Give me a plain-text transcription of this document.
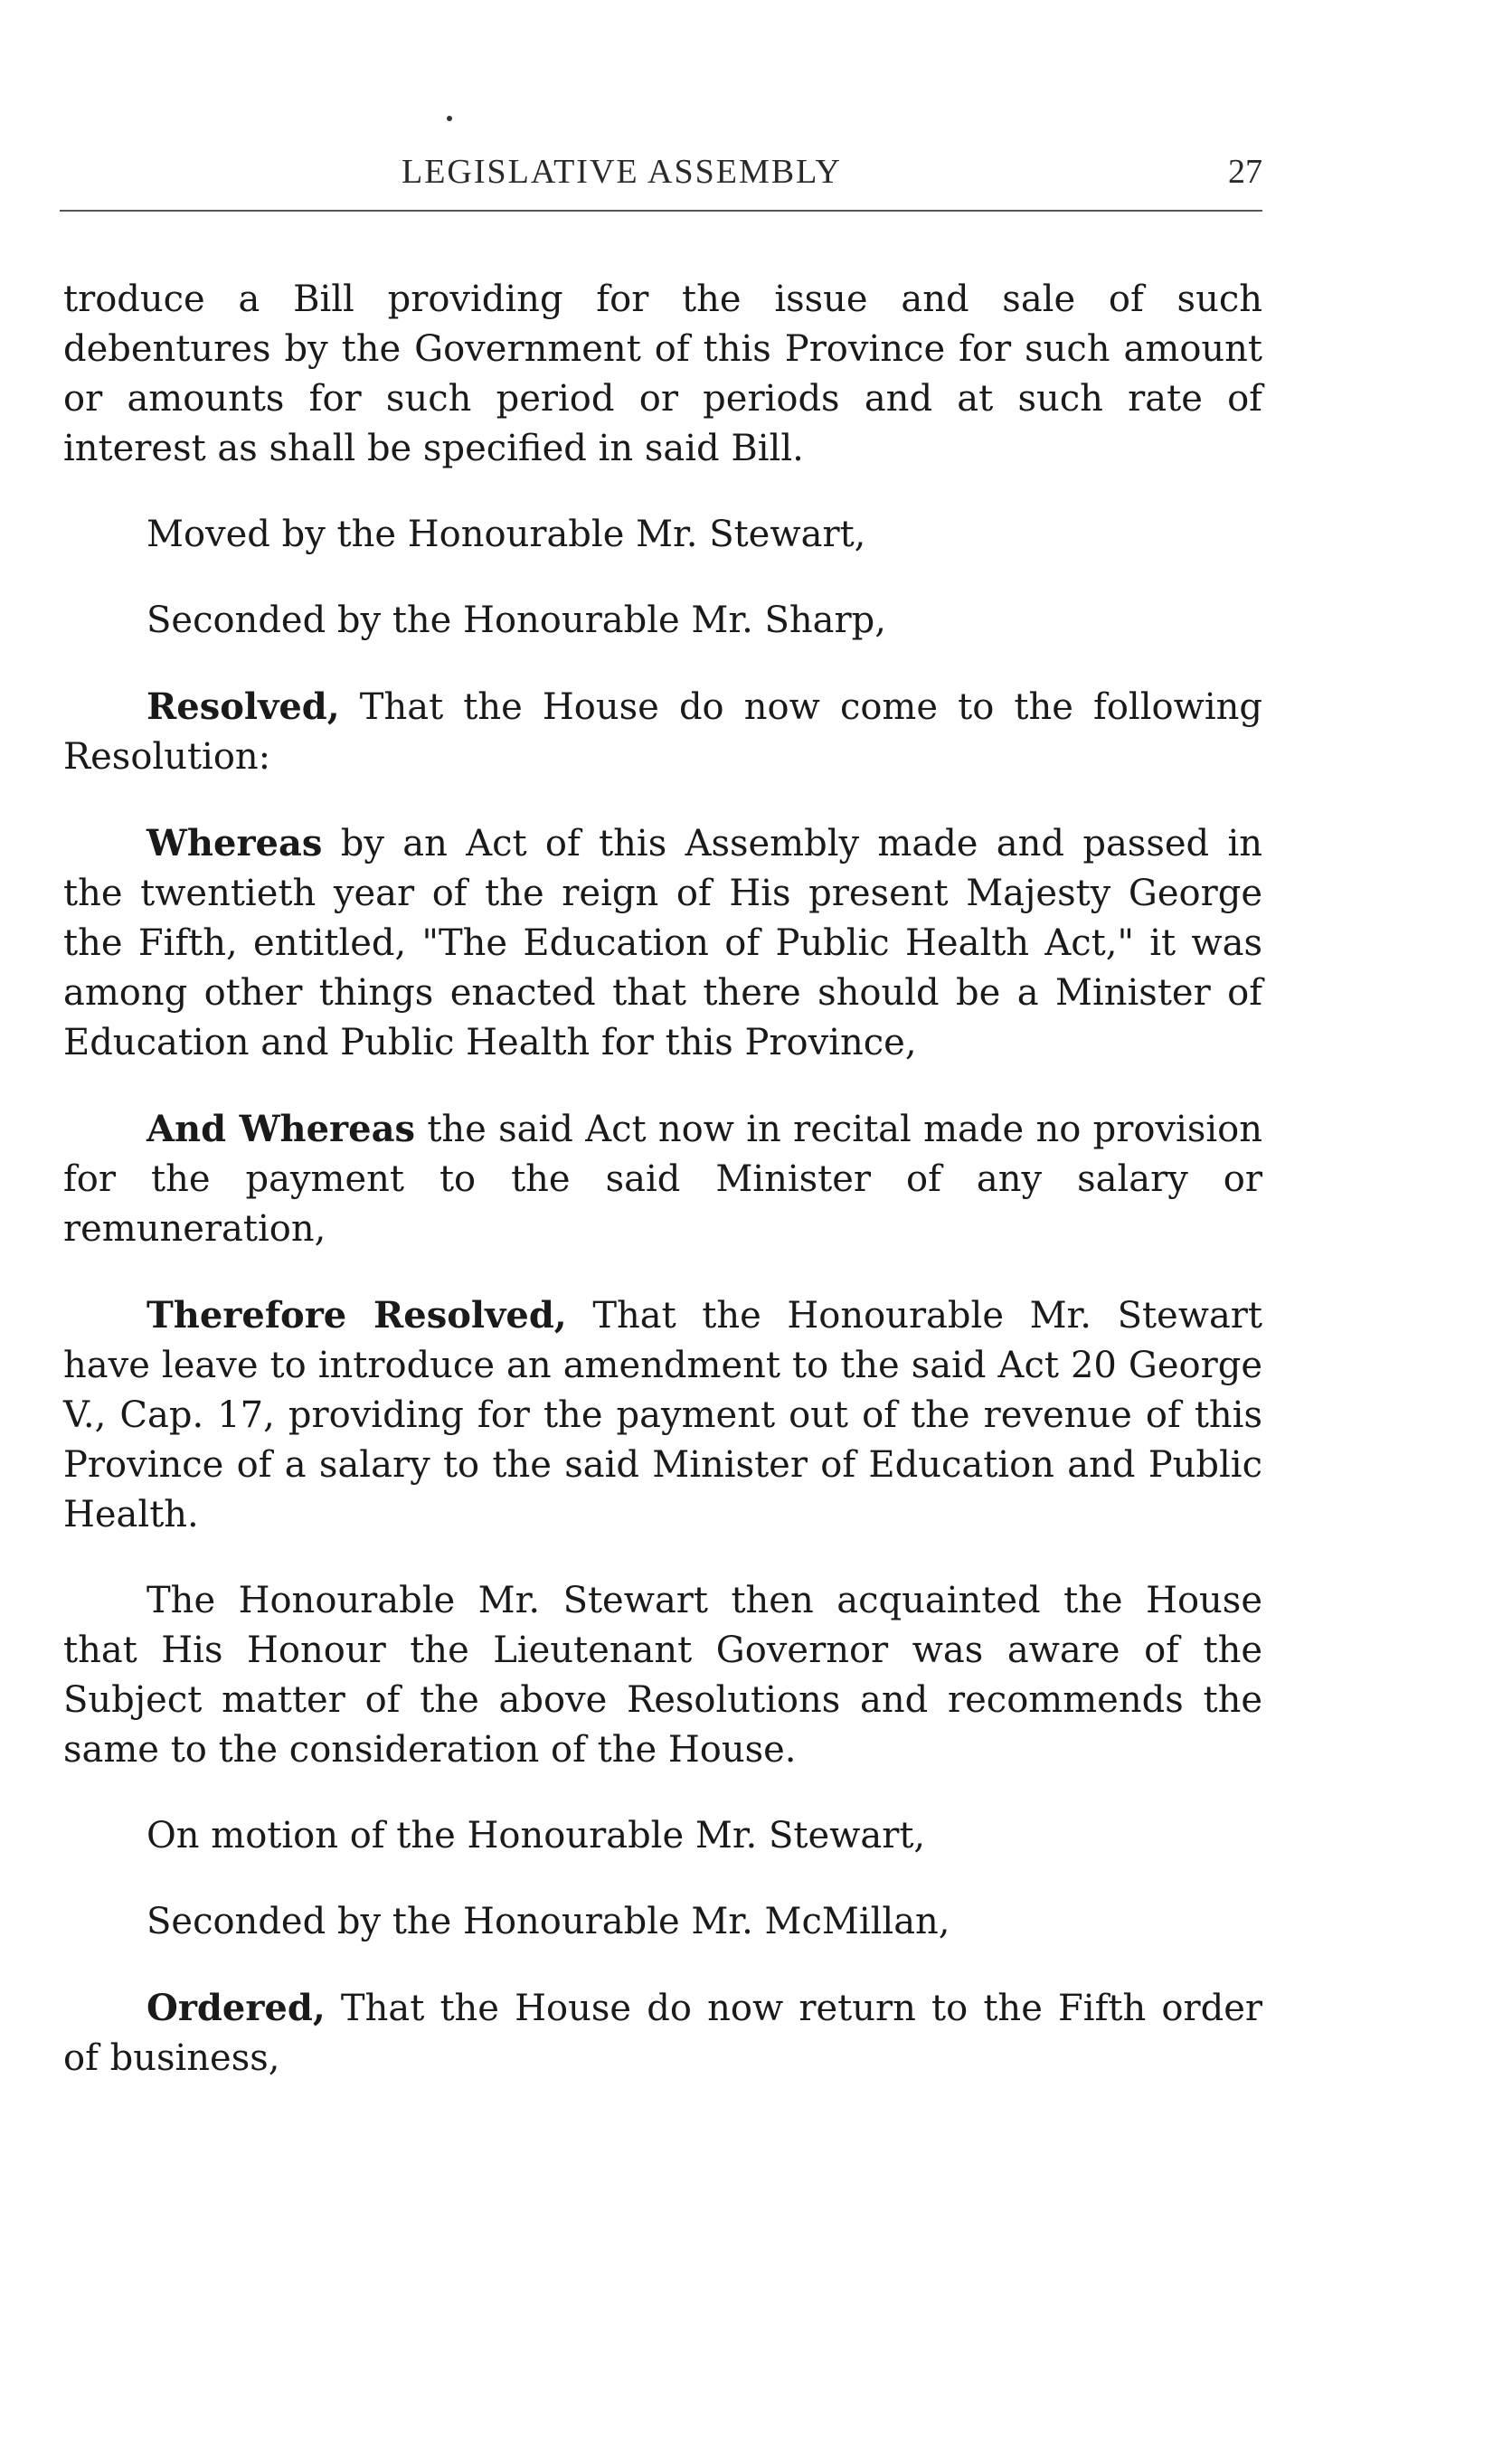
LEGISLATIVE ASSEMBLY	27

troduce a Bill providing for the issue and sale of such debentures by the Government of this Province for such amount or amounts for such period or periods and at such rate of interest as shall be specified in said Bill.

Moved by the Honourable Mr. Stewart,

Seconded by the Honourable Mr. Sharp,

Resolved, That the House do now come to the following Resolution:

Whereas by an Act of this Assembly made and passed in the twentieth year of the reign of His present Majesty George the Fifth, entitled, "The Education of Public Health Act," it was among other things enacted that there should be a Minister of Education and Public Health for this Province,

And Whereas the said Act now in recital made no provision for the payment to the said Minister of any salary or remuneration,

Therefore Resolved, That the Honourable Mr. Stewart have leave to introduce an amendment to the said Act 20 George V., Cap. 17, providing for the payment out of the revenue of this Province of a salary to the said Minister of Education and Public Health.

The Honourable Mr. Stewart then acquainted the House that His Honour the Lieutenant Governor was aware of the Subject matter of the above Resolutions and recommends the same to the consideration of the House.

On motion of the Honourable Mr. Stewart,

Seconded by the Honourable Mr. McMillan,

Ordered, That the House do now return to the Fifth order of business,
